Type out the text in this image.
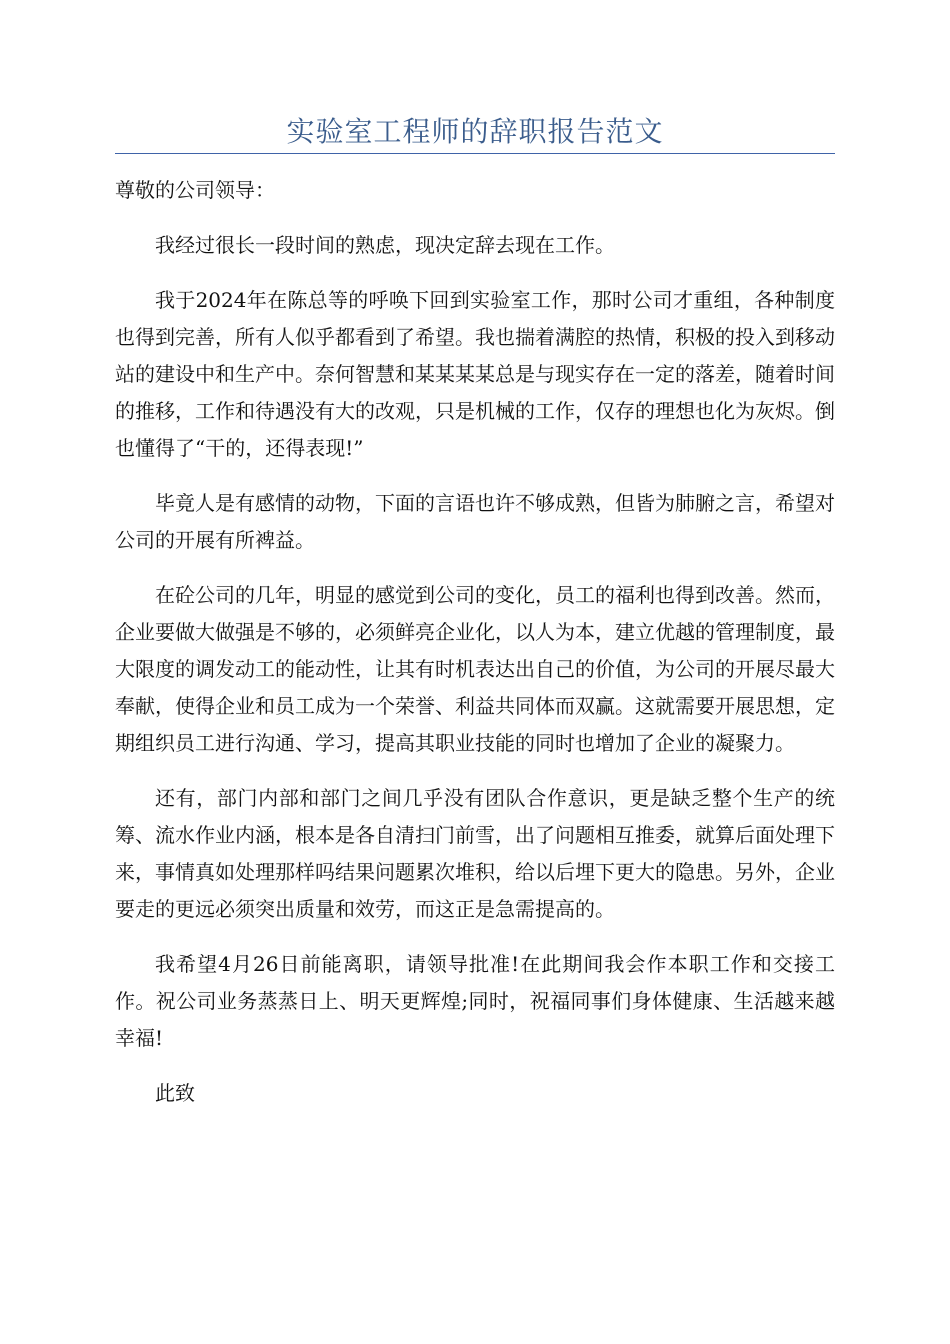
实验室工程师的辞职报告范文

尊敬的公司领导：

我经过很长一段时间的熟虑，现决定辞去现在工作。

我于2024年在陈总等的呼唤下回到实验室工作，那时公司才重组，各种制度也得到完善，所有人似乎都看到了希望。我也揣着满腔的热情，积极的投入到移动站的建设中和生产中。奈何智慧和某某某某总是与现实存在一定的落差，随着时间的推移，工作和待遇没有大的改观，只是机械的工作，仅存的理想也化为灰烬。倒也懂得了“干的，还得表现!”

毕竟人是有感情的动物，下面的言语也许不够成熟，但皆为肺腑之言，希望对公司的开展有所裨益。

在砼公司的几年，明显的感觉到公司的变化，员工的福利也得到改善。然而，企业要做大做强是不够的，必须鲜亮企业化，以人为本，建立优越的管理制度，最大限度的调发动工的能动性，让其有时机表达出自己的价值，为公司的开展尽最大奉献，使得企业和员工成为一个荣誉、利益共同体而双赢。这就需要开展思想，定期组织员工进行沟通、学习，提高其职业技能的同时也增加了企业的凝聚力。

还有，部门内部和部门之间几乎没有团队合作意识，更是缺乏整个生产的统筹、流水作业内涵，根本是各自清扫门前雪，出了问题相互推委，就算后面处理下来，事情真如处理那样吗结果问题累次堆积，给以后埋下更大的隐患。另外，企业要走的更远必须突出质量和效劳，而这正是急需提高的。

我希望4月26日前能离职，请领导批准!在此期间我会作本职工作和交接工作。祝公司业务蒸蒸日上、明天更辉煌;同时，祝福同事们身体健康、生活越来越幸福!

此致
